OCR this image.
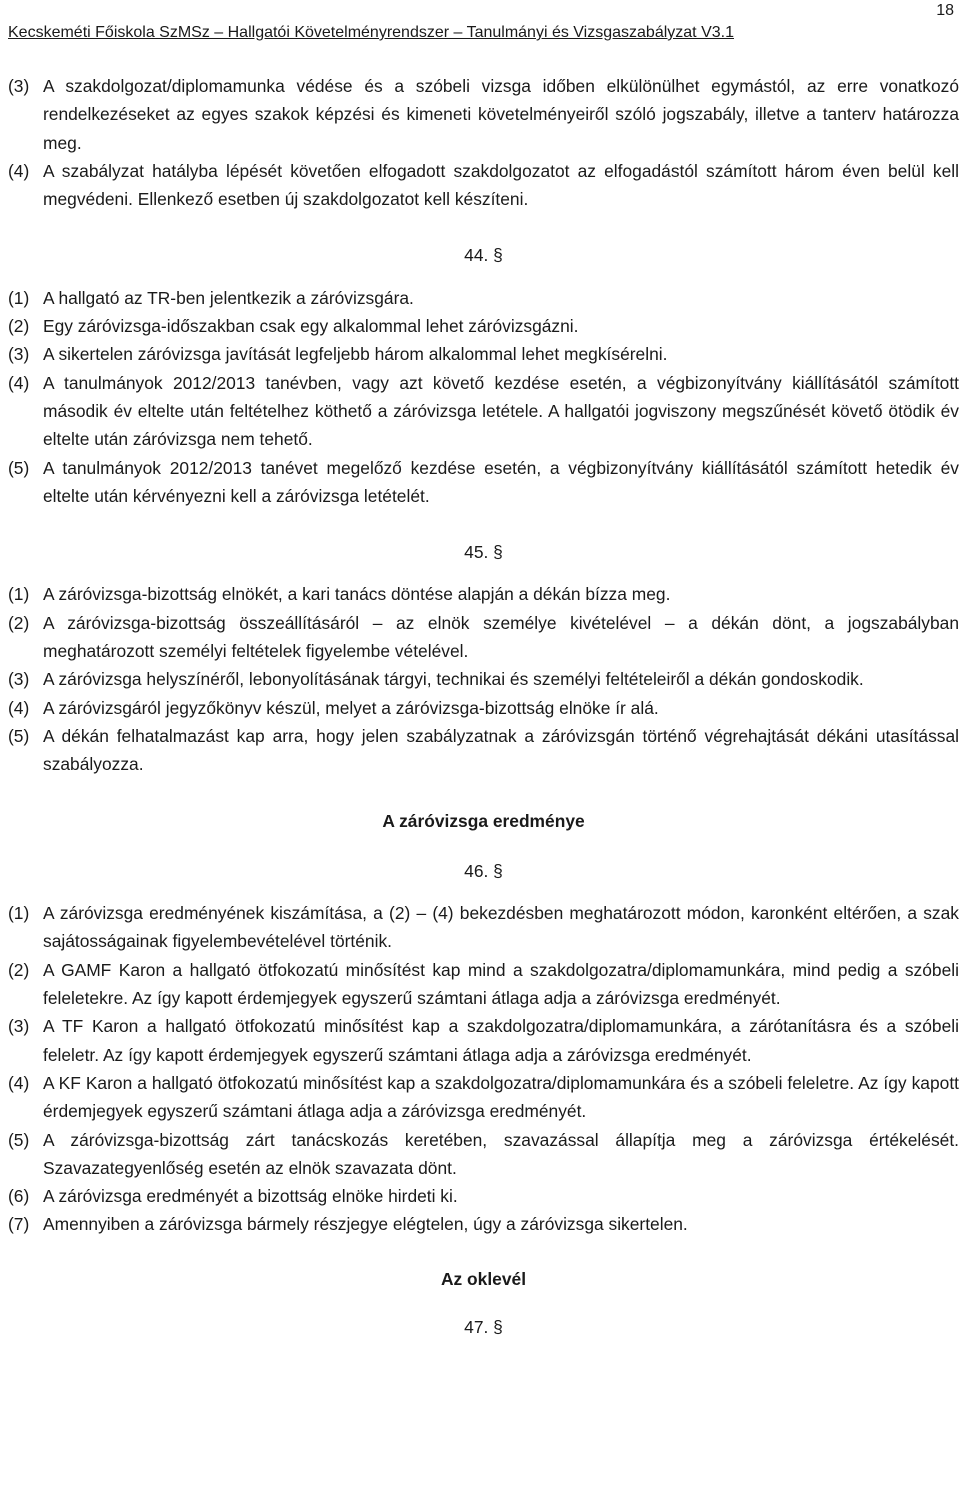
Kecskeméti Főiskola SzMSz – Hallgatói Követelményrendszer – Tanulmányi és Vizsgaszabályzat V3.1
18
(3) A szakdolgozat/diplomamunka védése és a szóbeli vizsga időben elkülönülhet egymástól, az erre vonatkozó rendelkezéseket az egyes szakok képzési és kimeneti követelményeiről szóló jogszabály, illetve a tanterv határozza meg.
(4) A szabályzat hatályba lépését követően elfogadott szakdolgozatot az elfogadástól számított három éven belül kell megvédeni. Ellenkező esetben új szakdolgozatot kell készíteni.
44. §
(1) A hallgató az TR-ben jelentkezik a záróvizsgára.
(2) Egy záróvizsga-időszakban csak egy alkalommal lehet záróvizsgázni.
(3) A sikertelen záróvizsga javítását legfeljebb három alkalommal lehet megkísérelni.
(4) A tanulmányok 2012/2013 tanévben, vagy azt követő kezdése esetén, a végbizonyítvány kiállításától számított második év eltelte után feltételhez köthető a záróvizsga letétele. A hallgatói jogviszony megszűnését követő ötödik év eltelte után záróvizsga nem tehető.
(5) A tanulmányok 2012/2013 tanévet megelőző kezdése esetén, a végbizonyítvány kiállításától számított hetedik év eltelte után kérvényezni kell a záróvizsga letételét.
45. §
(1) A záróvizsga-bizottság elnökét, a kari tanács döntése alapján a dékán bízza meg.
(2) A záróvizsga-bizottság összeállításáról – az elnök személye kivételével – a dékán dönt, a jogszabályban meghatározott személyi feltételek figyelembe vételével.
(3) A záróvizsga helyszínéről, lebonyolításának tárgyi, technikai és személyi feltételeiről a dékán gondoskodik.
(4) A záróvizsgáról jegyzőkönyv készül, melyet a záróvizsga-bizottság elnöke ír alá.
(5) A dékán felhatalmazást kap arra, hogy jelen szabályzatnak a záróvizsgán történő végrehajtását dékáni utasítással szabályozza.
A záróvizsga eredménye
46. §
(1) A záróvizsga eredményének kiszámítása, a (2) – (4) bekezdésben meghatározott módon, karonként eltérően, a szak sajátosságainak figyelembevételével történik.
(2) A GAMF Karon a hallgató ötfokozatú minősítést kap mind a szakdolgozatra/diplomamunkára, mind pedig a szóbeli feleletekre. Az így kapott érdemjegyek egyszerű számtani átlaga adja a záróvizsga eredményét.
(3) A TF Karon a hallgató ötfokozatú minősítést kap a szakdolgozatra/diplomamunkára, a zárótanításra és a szóbeli feleletr. Az így kapott érdemjegyek egyszerű számtani átlaga adja a záróvizsga eredményét.
(4) A KF Karon a hallgató ötfokozatú minősítést kap a szakdolgozatra/diplomamunkára és a szóbeli feleletre. Az így kapott érdemjegyek egyszerű számtani átlaga adja a záróvizsga eredményét.
(5) A záróvizsga-bizottság zárt tanácskozás keretében, szavazással állapítja meg a záróvizsga értékelését. Szavazategyenlőség esetén az elnök szavazata dönt.
(6) A záróvizsga eredményét a bizottság elnöke hirdeti ki.
(7) Amennyiben a záróvizsga bármely részjegye elégtelen, úgy a záróvizsga sikertelen.
Az oklevél
47. §
